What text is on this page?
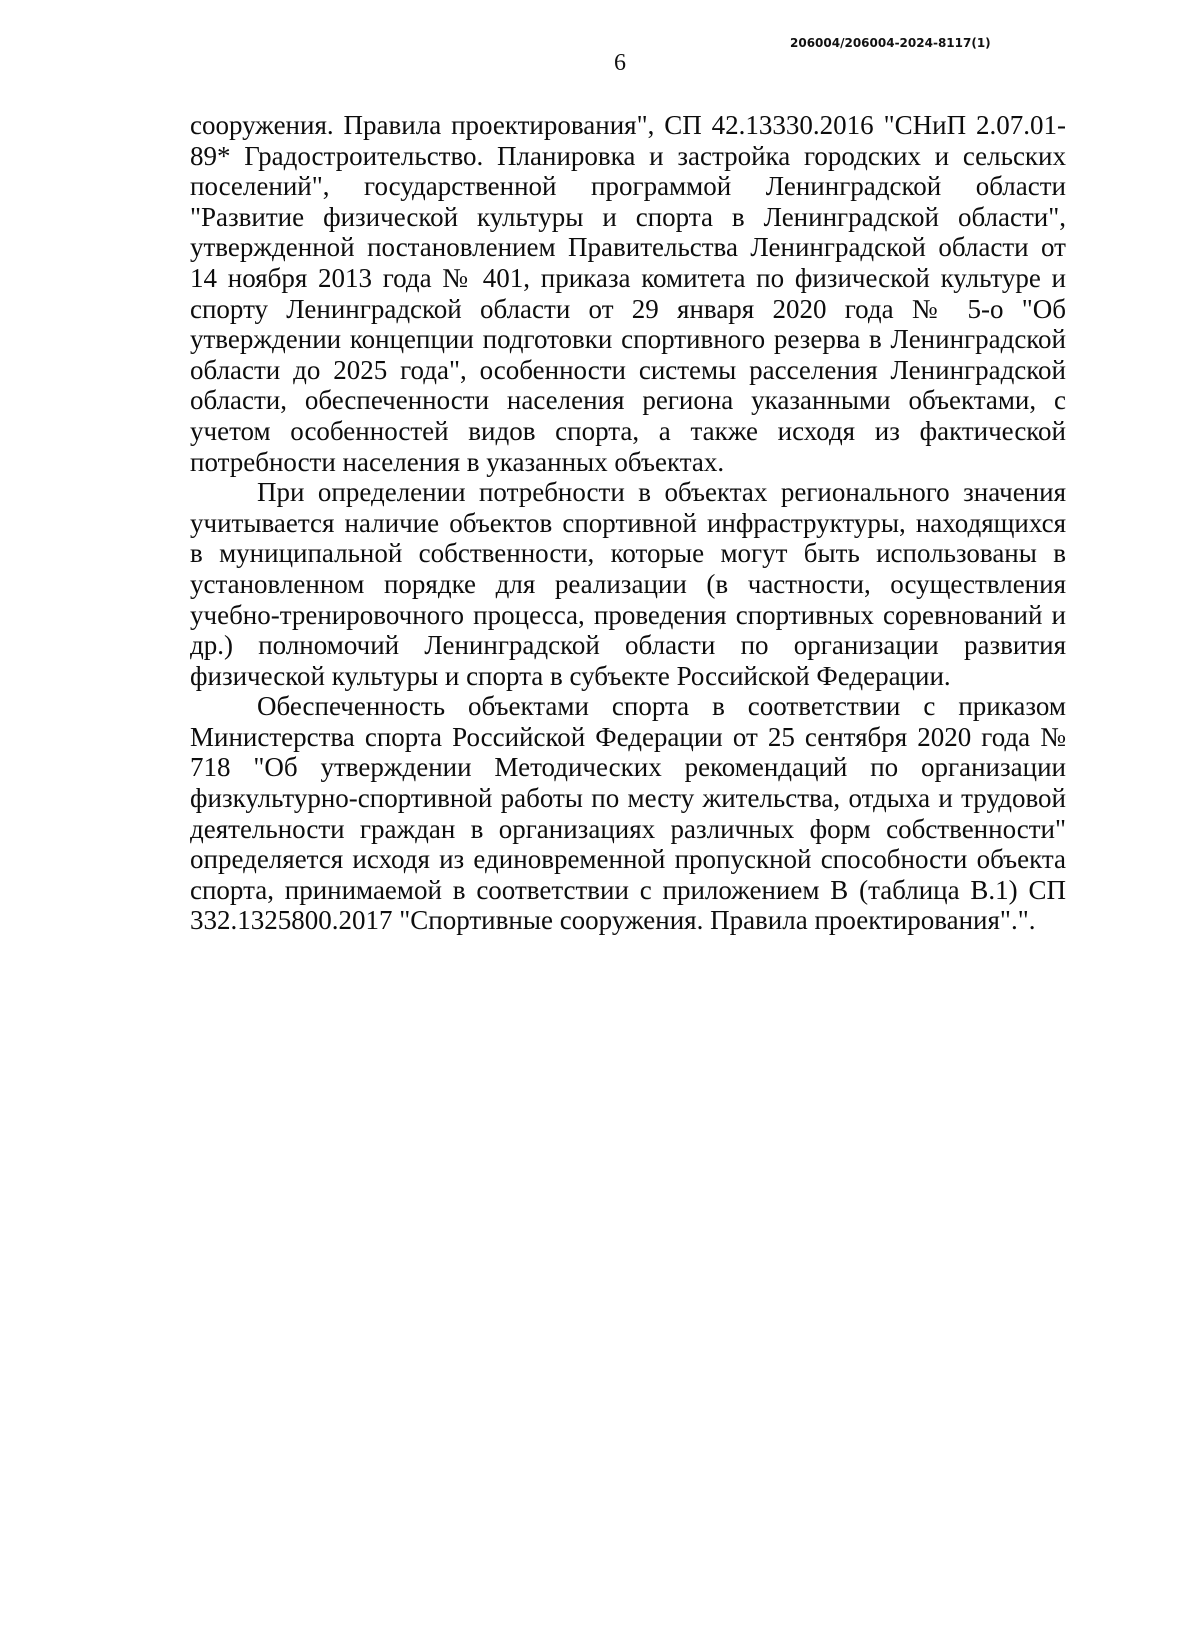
206004/206004-2024-8117(1)
6

сооружения. Правила проектирования", СП 42.13330.2016 "СНиП 2.07.01-89* Градостроительство. Планировка и застройка городских и сельских поселений", государственной программой Ленинградской области "Развитие физической культуры и спорта в Ленинградской области", утвержденной постановлением Правительства Ленинградской области от 14 ноября 2013 года № 401, приказа комитета по физической культуре и спорту Ленинградской области от 29 января 2020 года № 5-о "Об утверждении концепции подготовки спортивного резерва в Ленинградской области до 2025 года", особенности системы расселения Ленинградской области, обеспеченности населения региона указанными объектами, с учетом особенностей видов спорта, а также исходя из фактической потребности населения в указанных объектах.

При определении потребности в объектах регионального значения учитывается наличие объектов спортивной инфраструктуры, находящихся в муниципальной собственности, которые могут быть использованы в установленном порядке для реализации (в частности, осуществления учебно-тренировочного процесса, проведения спортивных соревнований и др.) полномочий Ленинградской области по организации развития физической культуры и спорта в субъекте Российской Федерации.

Обеспеченность объектами спорта в соответствии с приказом Министерства спорта Российской Федерации от 25 сентября 2020 года № 718 "Об утверждении Методических рекомендаций по организации физкультурно-спортивной работы по месту жительства, отдыха и трудовой деятельности граждан в организациях различных форм собственности" определяется исходя из единовременной пропускной способности объекта спорта, принимаемой в соответствии с приложением В (таблица В.1) СП 332.1325800.2017 "Спортивные сооружения. Правила проектирования".".
